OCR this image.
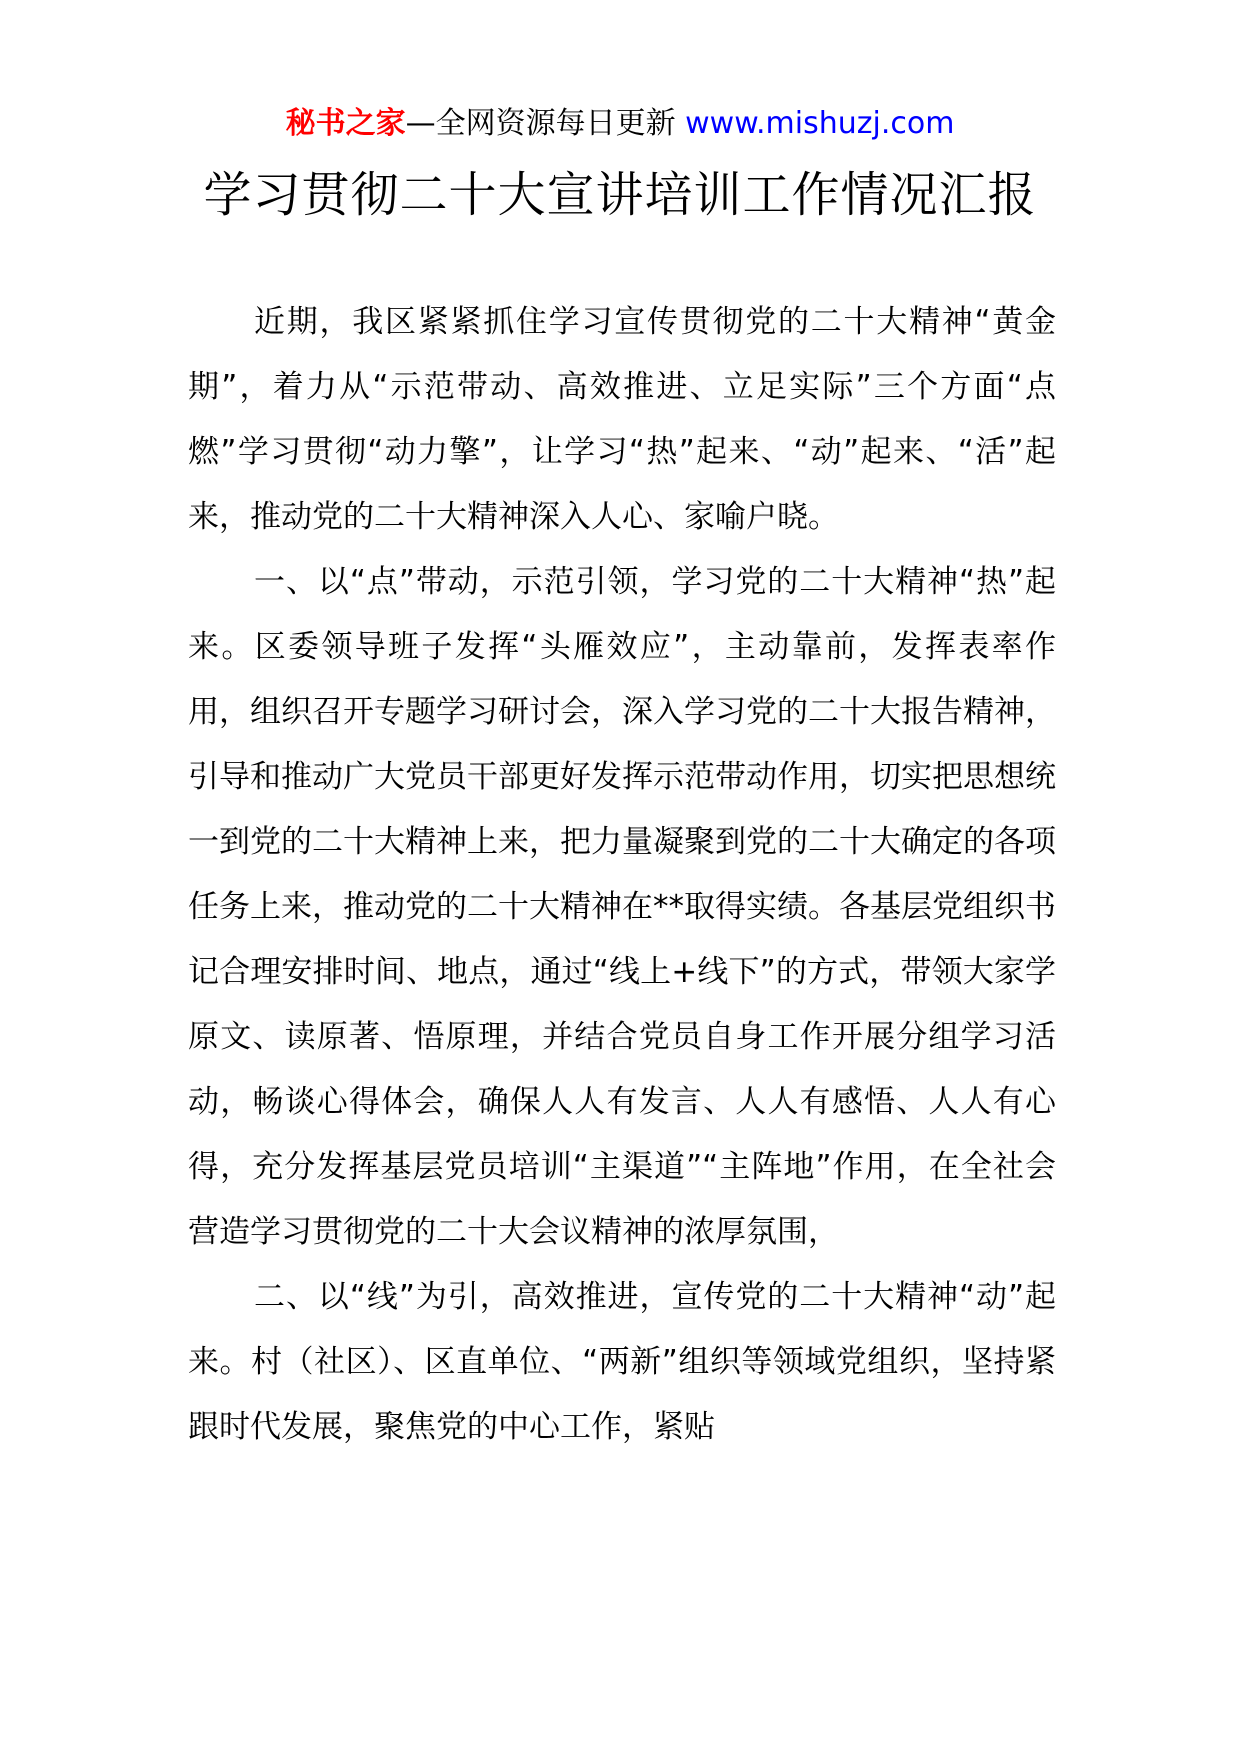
秘书之家—全网资源每日更新 www.mishuzj.com
学习贯彻二十大宣讲培训工作情况汇报

近期，我区紧紧抓住学习宣传贯彻党的二十大精神“黄金期”，着力从“示范带动、高效推进、立足实际”三个方面“点燃”学习贯彻“动力擎”，让学习“热”起来、“动”起来、“活”起来，推动党的二十大精神深入人心、家喻户晓。

一、以“点”带动，示范引领，学习党的二十大精神“热”起来。区委领导班子发挥“头雁效应”，主动靠前，发挥表率作用，组织召开专题学习研讨会，深入学习党的二十大报告精神，引导和推动广大党员干部更好发挥示范带动作用，切实把思想统一到党的二十大精神上来，把力量凝聚到党的二十大确定的各项任务上来，推动党的二十大精神在**取得实绩。各基层党组织书记合理安排时间、地点，通过“线上+线下”的方式，带领大家学原文、读原著、悟原理，并结合党员自身工作开展分组学习活动，畅谈心得体会，确保人人有发言、人人有感悟、人人有心得，充分发挥基层党员培训“主渠道”“主阵地”作用，在全社会营造学习贯彻党的二十大会议精神的浓厚氛围，

二、以“线”为引，高效推进，宣传党的二十大精神“动”起来。村（社区）、区直单位、“两新”组织等领域党组织，坚持紧跟时代发展，聚焦党的中心工作，紧贴
